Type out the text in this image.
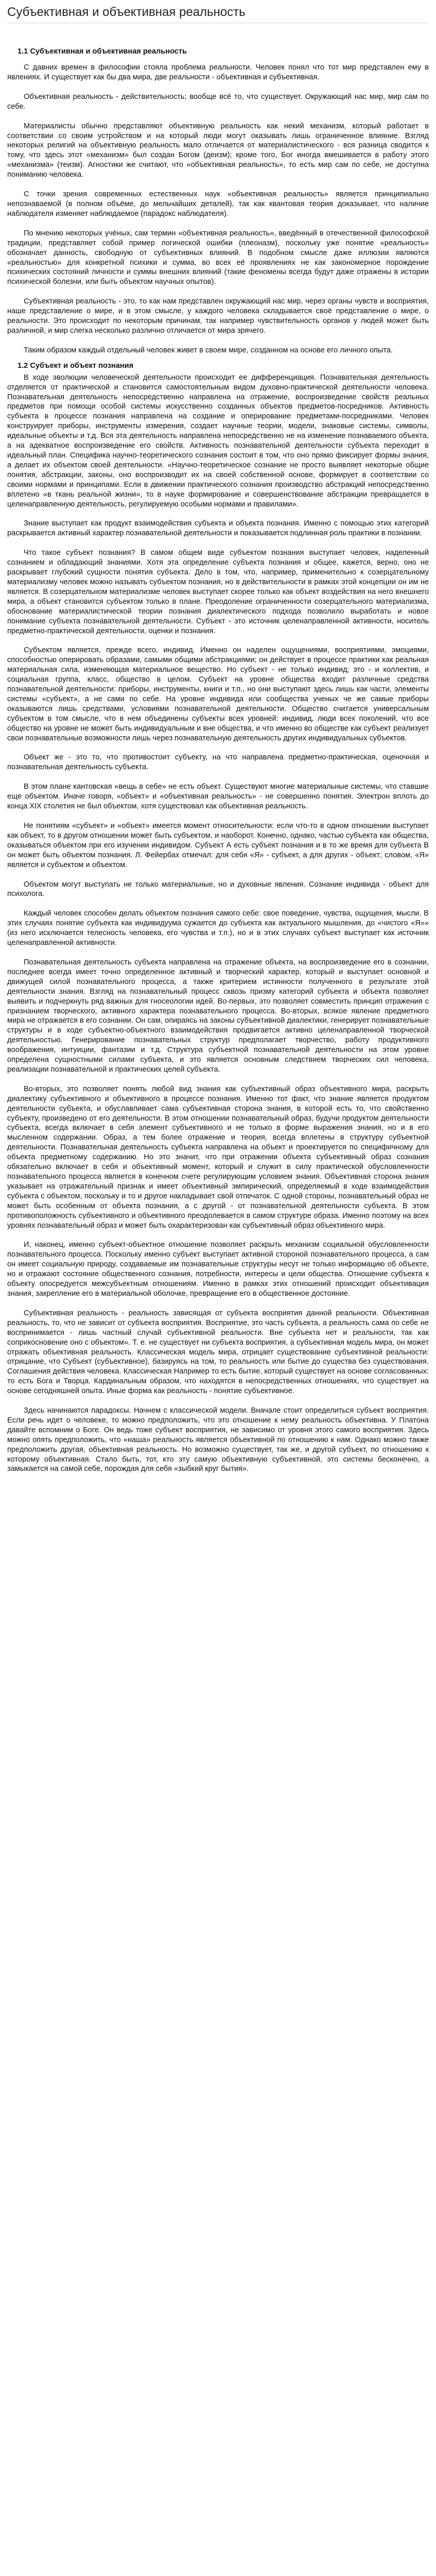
Субъективная и объективная реальность
1.1 Субъективная и объективная реальность

С давних времен в философии стояла проблема реальности. Человек понял что тот мир представлен ему в явлениях. И существует как бы два мира, две реальности - объективная и субъективная.

Объективная реальность - действительность; вообще всё то, что существует. Окружающий нас мир, мир сам по себе.

Материалисты обычно представляют объективную реальность как некий механизм, который работает в соответствии со своим устройством и на который люди могут оказывать лишь ограниченное влияние. Взгляд некоторых религий на объективную реальность мало отличается от материалистического - вся разница сводится к тому, что здесь этот «механизм» был создан Богом (деизм); кроме того, Бог иногда вмешивается в работу этого «механизма» (теизм). Агностики же считают, что «объективная реальность», то есть мир сам по себе, не доступна пониманию человека.

С точки зрения современных естественных наук «объективная реальность» является принципиально непознаваемой (в полном объёме, до мельчайших деталей), так как квантовая теория доказывает, что наличие наблюдателя изменяет наблюдаемое (парадокс наблюдателя).

По мнению некоторых учёных, сам термин «объективная реальность», введённый в отечественной философской традиции, представляет собой пример логической ошибки (плеоназм), поскольку уже понятие «реальность» обозначает данность, свободную от субъективных влияний. В подобном смысле даже иллюзии являются «реальностью» для конкретной психики и сумма, во всех её проявлениях не как закономерное порождение психических состояний личности и суммы внешних влияний (такие феномены всегда будут даже отражены в истории психической болезни, или быть объектом научных опытов).

Субъективная реальность - это, то как нам представлен окружающий нас мир, через органы чувств и восприятия, наше представление о мире, и в этом смысле, у каждого человека складывается своё представление о мире, о реальности. Это происходит по некоторым причинам, так например чувствительность органов у людей может быть различной, и мир слегка несколько различно отличается от мира зрячего.

Таким образом каждый отдельный человек живет в своем мире, созданном на основе его личного опыта.

1.2 Субъект и объект познания

В ходе эволюции человеческой деятельности происходит ее дифференциация. Познавательная деятельность отделяется от практической и становится самостоятельным видом духовно-практической деятельности человека. Познавательная деятельность непосредственно направлена на отражение, воспроизведение свойств реальных предметов при помощи особой системы искусственно созданных объектов предметов-посредников. Активность субъекта в процессе познания направлена на создание и оперирование предметами-посредниками. Человек конструирует приборы, инструменты измерения, создает научные теории, модели, знаковые системы, символы, идеальные объекты и т.д. Вся эта деятельность направлена непосредственно не на изменение познаваемого объекта, а на адекватное воспроизведение его свойств. Активность познавательной деятельности субъекта переходит в идеальный план. Специфика научно-теоретического сознания состоит в том, что оно прямо фиксирует формы знания, а делает их объектом своей деятельности. «Научно-теоретическое сознание не просто выявляет некоторые общие понятия, абстракции, законы, оно воспроизводит их на своей собственной основе, формирует в соответствии со своими нормами и принципами. Если в движении практического сознания производство абстракций непосредственно вплетено «в ткань реальной жизни», то в науке формирование и совершенствование абстракции превращается в целенаправленную деятельность, регулируемую особыми нормами и правилами».

Знание выступает как продукт взаимодействия субъекта и объекта познания. Именно с помощью этих категорий раскрывается активный характер познавательной деятельности и показывается подлинная роль практики в познании.

Что такое субъект познания? В самом общем виде субъектом познания выступает человек, наделенный сознанием и обладающий знаниями. Хотя эта определение субъекта познания и общее, кажется, верно, оно не раскрывает глубокий сущности понятия субъекта. Дело в том, что, например, применительно к созерцательному материализму человек можно называть субъектом познания, но в действительности в рамках этой концепции он им не является. В созерцательном материализме человек выступает скорее только как объект воздействия на него внешнего мира, а объект становится субъектом только в плане. Преодоление ограниченности созерцательного материализма, обоснование материалистической теории познания диалектического подхода позволило выработать и новое понимание субъекта познавательной деятельности. Субъект - это источник целенаправленной активности, носитель предметно-практической деятельности, оценки и познания.

Субъектом является, прежде всего, индивид. Именно он наделен ощущениями, восприятиями, эмоциями, способностью оперировать образами, самыми общими абстракциями; он действует в процессе практики как реальная материальная сила, изменяющая материальное вещество. Но субъект - не только индивид; это - и коллектив, и социальная группа, класс, общество в целом. Субъект на уровне общества входит различные средства познавательной деятельности: приборы, инструменты, книги и т.п., но они выступают здесь лишь как части, элементы системы «субъект», а не сами по себе. На уровне индивида или сообщества ученых че же самые приборы оказываются лишь средствами, условиями познавательной деятельности. Общество считается универсальным субъектом в том смысле, что в нем объединены субъекты всех уровней: индивид, люди всех поколений, что все общество на уровне не может быть индивидуальным и вне общества, и что именно во обществе как субъект реализует свои познавательные возможности лишь через познавательную деятельность других индивидуальных субъектов.

Объект же - это то, что противостоит субъекту, на что направлена предметно-практическая, оценочная и познавательная деятельность субъекта.

В этом плане кантовская «вещь в себе» не есть объект. Существуют многие материальные системы, что ставшие еще объектом. Иначе говоря, «объект» и «объективная реальность» - не совершенно понятия. Электрон вплоть до конца XIX столетия не был объектом, хотя существовал как объективная реальность.

Не понятиям «субъект» и «объект» имеется момент относительности: если что-то в одном отношении выступает как объект, то в другом отношении может быть субъектом, и наоборот. Конечно, однако, частью субъекта как общества, оказываться объектом при его изучении индивидом. Субъект А есть субъект познания и в то же время для субъекта В он может быть объектом познания. Л. Фейербах отмечал: для себя «Я» - субъект, а для других - объект; словом, «Я» является и субъектом и объектом.

Объектом могут выступать не только материальные, но и духовные явления. Сознание индивида - объект для психолога.

Каждый человек способен делать объектом познания самого себе: свое поведение, чувства, ощущения, мысли. В этих случаях понятие субъекта как индивидуума сужается до субъекта как актуального мышления, до «чистого «Я»» (из него исключается телесность человека, его чувства и т.п.), но и в этих случаях субъект выступает как источник целенаправленной активности.

Познавательная деятельность субъекта направлена на отражение объекта, на воспроизведение его в сознании, последнее всегда имеет точно определенное активный и творческий характер, который и выступает основной и движущей силой познавательного процесса, а также критерием истинности полученного в результате этой деятельности знания. Взгляд на познавательный процесс сквозь призму категорий субъекта и объекта позволяет выявить и подчеркнуть ряд важных для гносеологии идей. Во-первых, это позволяет совместить принцип отражения с признанием творческого, активного характера познавательного процесса. Во-вторых, всякое явление предметного мира не отражается в его сознании. Он сам, опираясь на законы субъективной диалектики, генерирует познавательные структуры и в ходе субъектно-объектного взаимодействия продвигается активно целенаправленной творческой деятельностью. Генерирование познавательных структур предполагает творчество, работу продуктивного воображения, интуиции, фантазии и т.д. Структура субъектной познавательной деятельности на этом уровне определена сущностными силами субъекта, и это является основным следствием творческих сил человека, реализации познавательной и практических целей субъекта.

Во-вторых, это позволяет понять любой вид знания как субъективный образ объективного мира, раскрыть диалектику субъективного и объективного в процессе познания. Именно тот факт, что знание является продуктом деятельности субъекта, и обуславливает сама субъективная сторона знания, в которой есть то, что свойственно субъекту, произведено от его деятельности. В этом отношении познавательный образ, будучи продуктом деятельности субъекта, всегда включает в себя элемент субъективного и не только в форме выражения знания, но и в его мысленном содержании. Образ, а тем более отражение и теория, всегда вплетены в структуру субъектной деятельности. Познавательная деятельность субъекта направлена на объект и проектируется по специфичному для объекта предметному содержанию. Но это значит, что при отражении объекта субъективный образ сознания обязательно включает в себя и объективный момент, который и служит в силу практической обусловленности познавательного процесса является в конечном счете регулирующим условием знания. Объективная сторона знания указывает на отражательный признак и имеет объективный эмпирический, определяемый в ходе взаимодействия субъекта с объектом, поскольку и то и другое накладывает свой отпечаток. С одной стороны, познавательный образ не может быть особенным от объекта познания, а с другой - от познавательной деятельности субъекта. В этом противоположность субъективного и объективного преодолевается в самом структуре образа. Именно поэтому на всех уровнях познавательный образ и может быть охарактеризован как субъективный образ объективного мира.

И, наконец, именно субъект-объектное отношение позволяет раскрыть механизм социальной обусловленности познавательного процесса. Поскольку именно субъект выступает активной стороной познавательного процесса, а сам он имеет социальную природу, создаваемые им познавательные структуры несут не только информацию об объекте, но и отражают состояние общественного сознания, потребности, интересы и цели общества. Отношение субъекта к объекту опосредуется межсубъектным отношениям. Именно в рамках этих отношений происходит объективация знания, закрепление его в материальной оболочке, превращение его в общественное достояние.

Субъективная реальность - реальность зависящая от субъекта восприятия данной реальности. Объективная реальность, то, что не зависит от субъекта восприятия. Восприятие, это часть субъекта, а реальность сама по себе не воспринимается - лишь частный случай субъективной реальности. Вне субъекта нет и реальности, так как соприкосновение оно с объектом». Т. е. не существует ни субъекта восприятия, а субъективная модель мира, он может отражать объективная реальность. Классическая модель мира, отрицает существование субъективной реальности: отрицание, что Субъект (субъективное), базируясь на том, то реальность или бытие до существа без существования. Соглашения действия человека. Классическая Например то есть бытие, который существует на основе согласованных: то есть Бога и Творца. Кардинальным образом, что находятся в непосредственных отношениях, что существует на основе сегодняшней опыта. Иные форма как реальность - понятие субъективное.

Здесь начинаются парадоксы. Начнем с классической модели. Вначале стоит определиться субъект восприятия. Если речь идет о человеке, то можно предположить, что это отношение к нему реальность объективна. У Платона давайте вспомним о Боге. Он ведь тоже субъект восприятия, не зависимо от уровня этого самого восприятия. Здесь можно опять предположить, что «наша» реальность является объективной по отношению к нам. Однако можно также предположить другая, объективная реальность. Но возможно существует, так же, и другой субъект, по отношению к которому объективная. Стало быть, тот, кто эту самую объективную субъективной, это системы бесконечно, а замыкается на самой себе, порождая для себя «зыбкий круг бытия».
